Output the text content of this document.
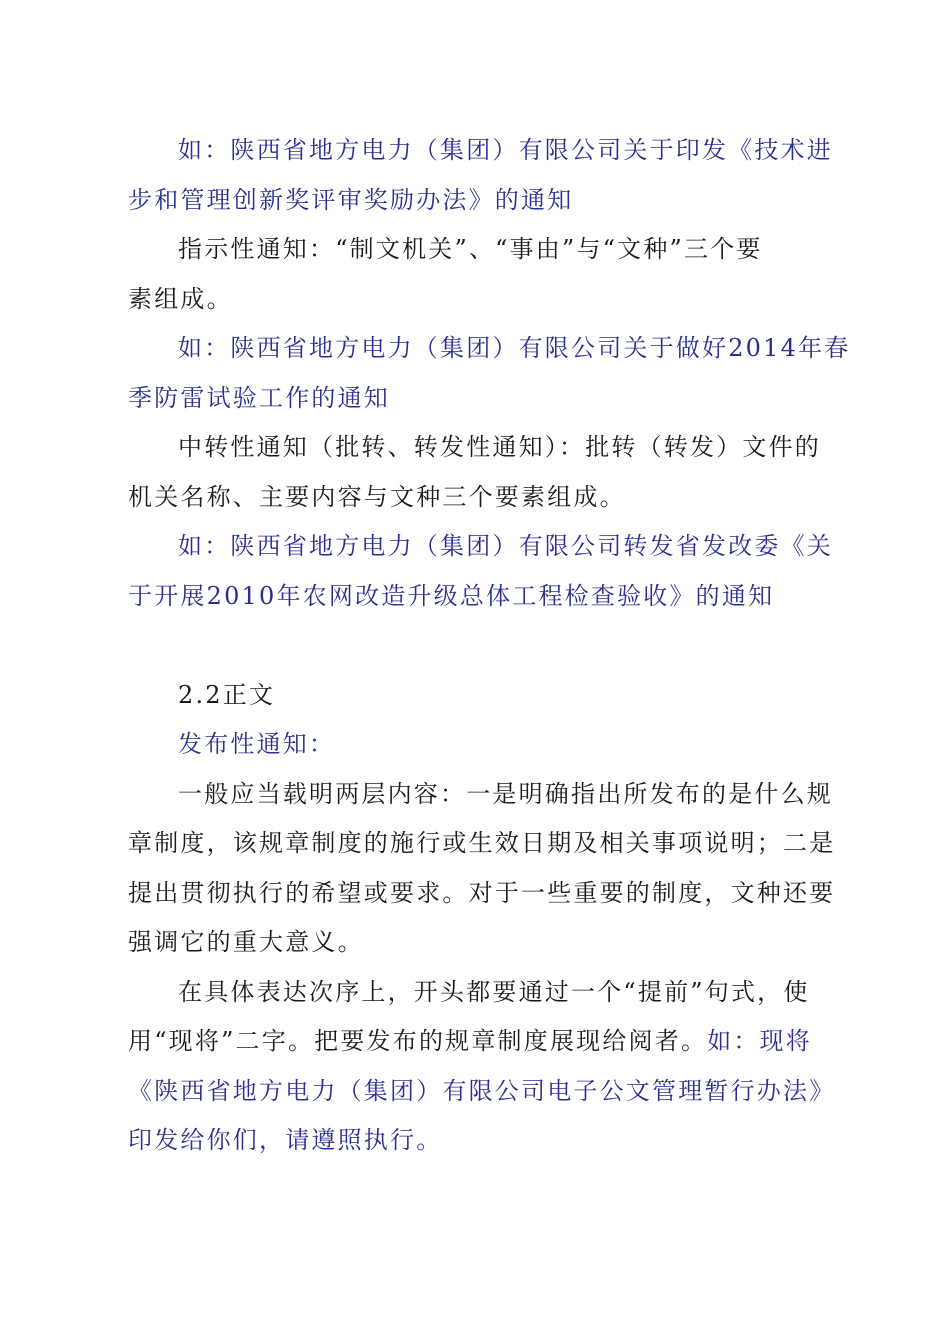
如：陕西省地方电力（集团）有限公司关于印发《技术进
步和管理创新奖评审奖励办法》的通知
指示性通知：“制文机关”、“事由”与“文种”三个要
素组成。
如：陕西省地方电力（集团）有限公司关于做好2014年春
季防雷试验工作的通知
中转性通知（批转、转发性通知）：批转（转发）文件的
机关名称、主要内容与文种三个要素组成。
如：陕西省地方电力（集团）有限公司转发省发改委《关
于开展2010年农网改造升级总体工程检查验收》的通知
2.2正文
发布性通知：
一般应当载明两层内容：一是明确指出所发布的是什么规
章制度，该规章制度的施行或生效日期及相关事项说明；二是
提出贯彻执行的希望或要求。对于一些重要的制度，文种还要
强调它的重大意义。
在具体表达次序上，开头都要通过一个“提前”句式，使
用“现将”二字。把要发布的规章制度展现给阅者。如：现将
《陕西省地方电力（集团）有限公司电子公文管理暂行办法》
印发给你们，请遵照执行。
